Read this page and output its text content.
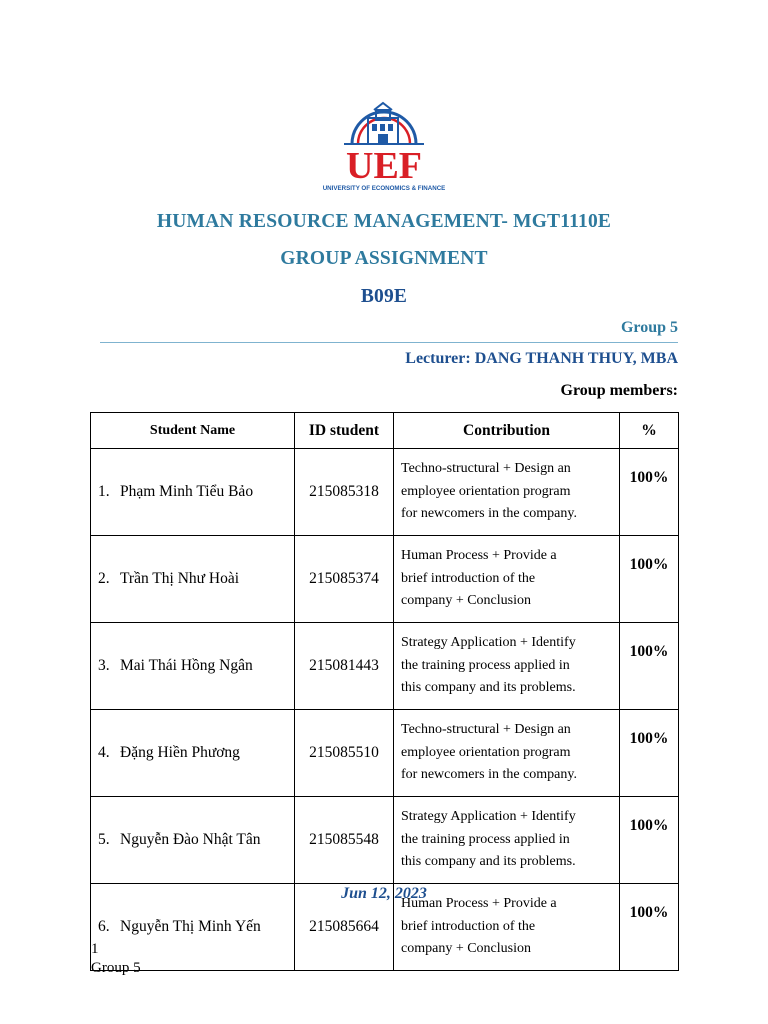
UEF
UNIVERSITY OF ECONOMICS & FINANCE
HUMAN RESOURCE MANAGEMENT- MGT1110E
GROUP ASSIGNMENT
B09E
Group 5
Lecturer: DANG THANH THUY, MBA
Group members:
Student Name	ID student	Contribution	%
1. Phạm Minh Tiểu Bảo	215085318	Techno-structural + Design an
employee orientation program
for newcomers in the company.	100%
2. Trần Thị Như Hoài	215085374	Human Process + Provide a
brief introduction of the
company + Conclusion	100%
3. Mai Thái Hồng Ngân	215081443	Strategy Application + Identify
the training process applied in
this company and its problems.	100%
4. Đặng Hiền Phương	215085510	Techno-structural + Design an
employee orientation program
for newcomers in the company.	100%
5. Nguyễn Đào Nhật Tân	215085548	Strategy Application + Identify
the training process applied in
this company and its problems.	100%
6. Nguyễn Thị Minh Yến	215085664	Human Process + Provide a
brief introduction of the
company + Conclusion	100%
Jun 12, 2023
1
Group 5
